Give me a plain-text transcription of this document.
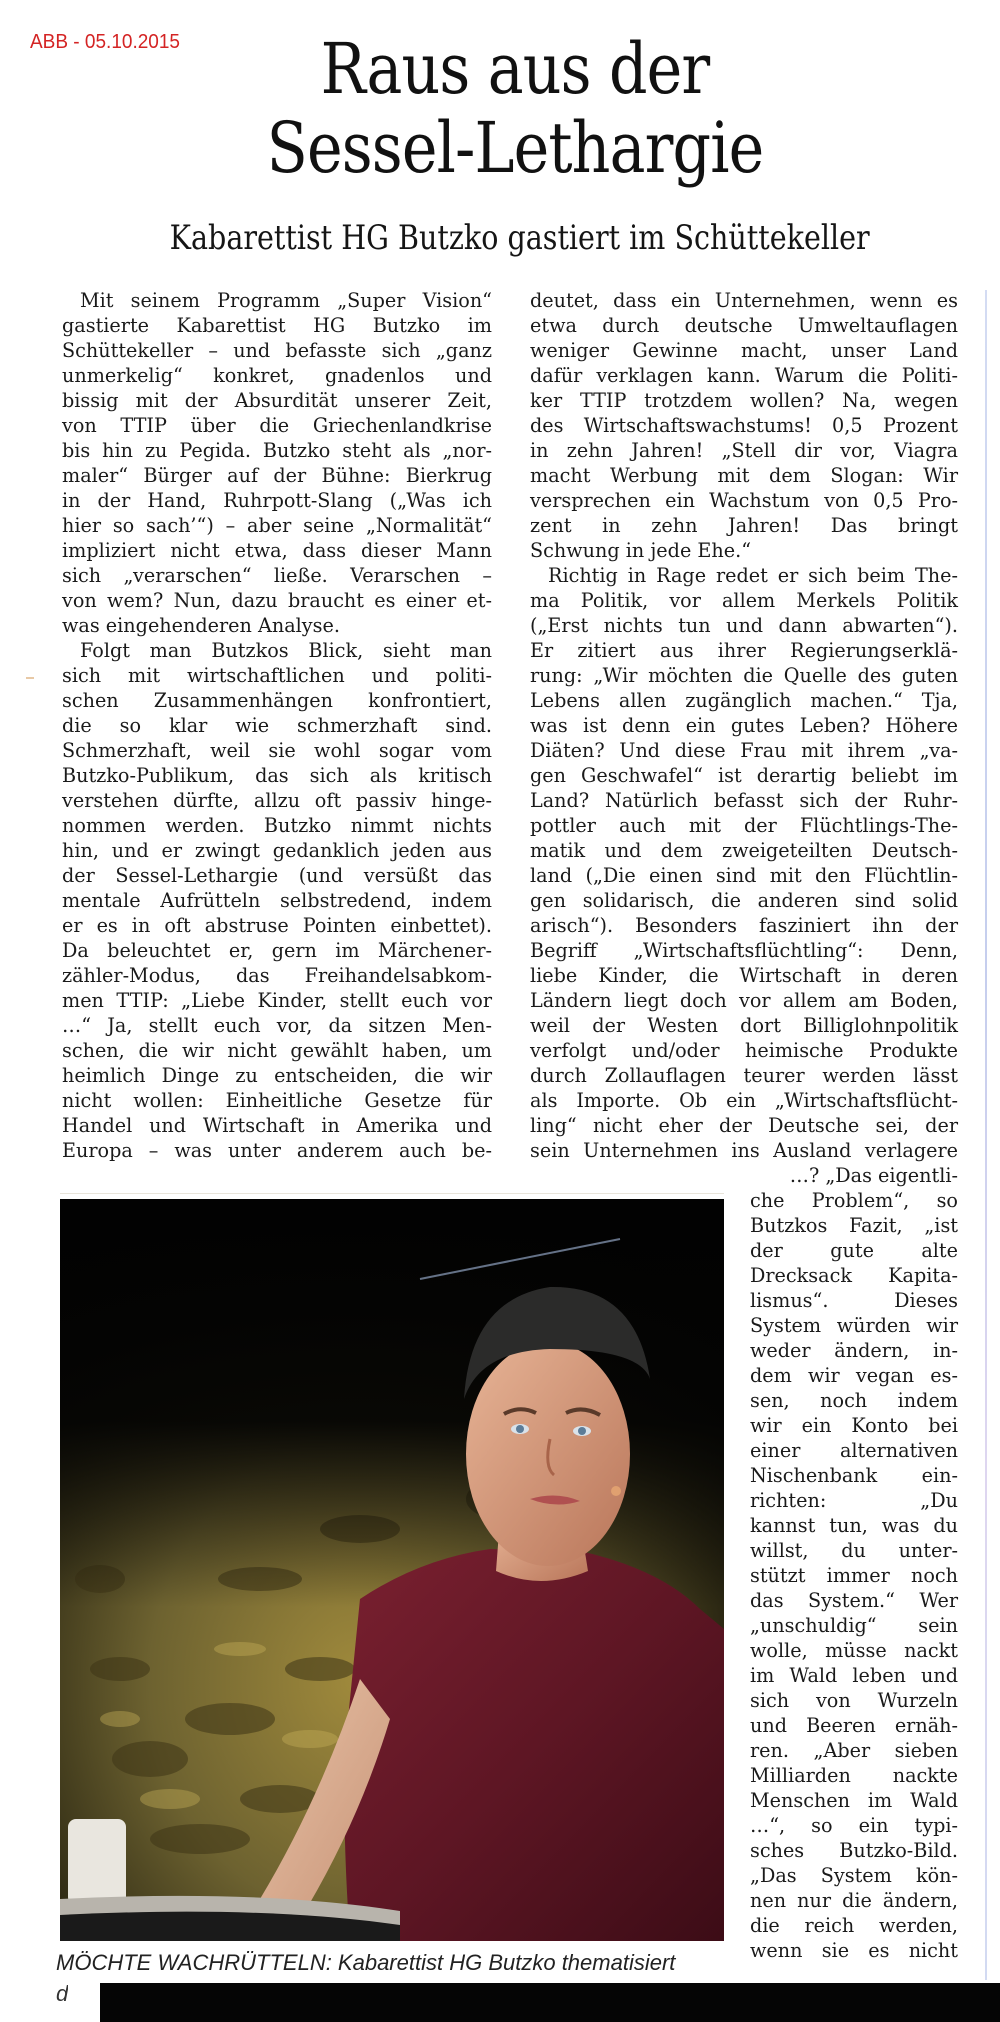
ABB - 05.10.2015	Raus aus der
Sessel-Lethargie
Kabarettist HG Butzko gastiert im Schüttekeller
Mit seinem Programm „Super Vision“
gastierte Kabarettist HG Butzko im
Schüttekeller – und befasste sich „ganz
unmerkelig“ konkret, gnadenlos und
bissig mit der Absurdität unserer Zeit,
von TTIP über die Griechenlandkrise
bis hin zu Pegida. Butzko steht als „nor-
maler“ Bürger auf der Bühne: Bierkrug
in der Hand, Ruhrpott-Slang („Was ich
hier so sach’“) – aber seine „Normalität“
impliziert nicht etwa, dass dieser Mann
sich „verarschen“ ließe. Verarschen –
von wem? Nun, dazu braucht es einer et-
was eingehenderen Analyse.
Folgt man Butzkos Blick, sieht man
sich mit wirtschaftlichen und politi-
schen Zusammenhängen konfrontiert,
die so klar wie schmerzhaft sind.
Schmerzhaft, weil sie wohl sogar vom
Butzko-Publikum, das sich als kritisch
verstehen dürfte, allzu oft passiv hinge-
nommen werden. Butzko nimmt nichts
hin, und er zwingt gedanklich jeden aus
der Sessel-Lethargie (und versüßt das
mentale Aufrütteln selbstredend, indem
er es in oft abstruse Pointen einbettet).
Da beleuchtet er, gern im Märchener-
zähler-Modus, das Freihandelsabkom-
men TTIP: „Liebe Kinder, stellt euch vor
…“ Ja, stellt euch vor, da sitzen Men-
schen, die wir nicht gewählt haben, um
heimlich Dinge zu entscheiden, die wir
nicht wollen: Einheitliche Gesetze für
Handel und Wirtschaft in Amerika und
Europa – was unter anderem auch be-
deutet, dass ein Unternehmen, wenn es
etwa durch deutsche Umweltauflagen
weniger Gewinne macht, unser Land
dafür verklagen kann. Warum die Politi-
ker TTIP trotzdem wollen? Na, wegen
des Wirtschaftswachstums! 0,5 Prozent
in zehn Jahren! „Stell dir vor, Viagra
macht Werbung mit dem Slogan: Wir
versprechen ein Wachstum von 0,5 Pro-
zent in zehn Jahren! Das bringt
Schwung in jede Ehe.“
Richtig in Rage redet er sich beim The-
ma Politik, vor allem Merkels Politik
(„Erst nichts tun und dann abwarten“).
Er zitiert aus ihrer Regierungserklä-
rung: „Wir möchten die Quelle des guten
Lebens allen zugänglich machen.“ Tja,
was ist denn ein gutes Leben? Höhere
Diäten? Und diese Frau mit ihrem „va-
gen Geschwafel“ ist derartig beliebt im
Land? Natürlich befasst sich der Ruhr-
pottler auch mit der Flüchtlings-The-
matik und dem zweigeteilten Deutsch-
land („Die einen sind mit den Flüchtlin-
gen solidarisch, die anderen sind solid
arisch“). Besonders fasziniert ihn der
Begriff „Wirtschaftsflüchtling“: Denn,
liebe Kinder, die Wirtschaft in deren
Ländern liegt doch vor allem am Boden,
weil der Westen dort Billiglohnpolitik
verfolgt und/oder heimische Produkte
durch Zollauflagen teurer werden lässt
als Importe. Ob ein „Wirtschaftsflücht-
ling“ nicht eher der Deutsche sei, der
sein Unternehmen ins Ausland verlagere
…? „Das eigentli-
che Problem“, so
Butzkos Fazit, „ist
der gute alte
Drecksack Kapita-
lismus“. Dieses
System würden wir
weder ändern, in-
dem wir vegan es-
sen, noch indem
wir ein Konto bei
einer alternativen
Nischenbank ein-
richten: „Du
kannst tun, was du
willst, du unter-
stützt immer noch
das System.“ Wer
„unschuldig“ sein
wolle, müsse nackt
im Wald leben und
sich von Wurzeln
und Beeren ernäh-
ren. „Aber sieben
Milliarden nackte
Menschen im Wald
…“, so ein typi-
sches Butzko-Bild.
„Das System kön-
nen nur die ändern,
die reich werden,
wenn sie es nicht
MÖCHTE WACHRÜTTELN: Kabarettist HG Butzko thematisiert
d
